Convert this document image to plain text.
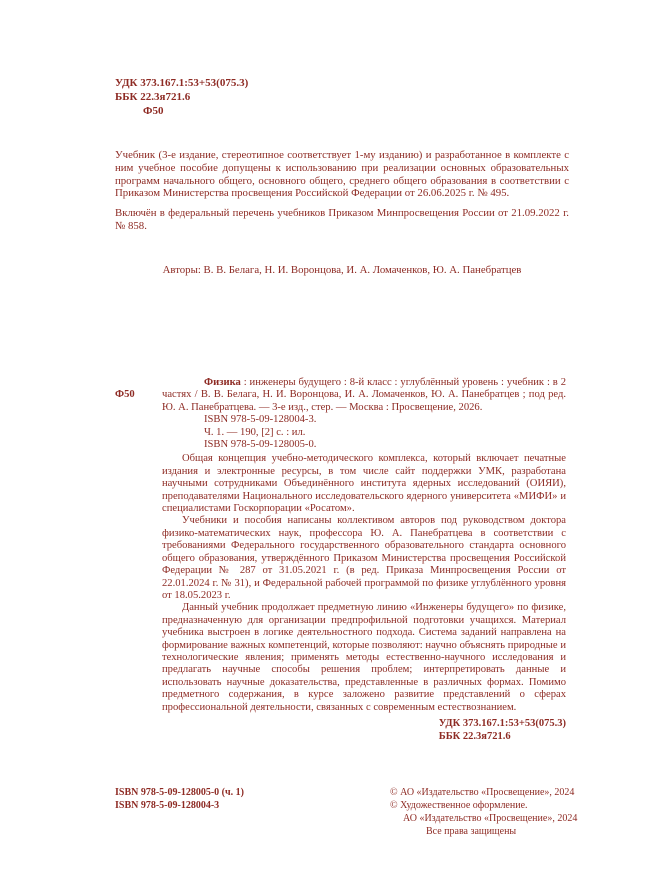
УДК 373.167.1:53+53(075.3)
ББК 22.3я721.6
Ф50

Учебник (3-е издание, стереотипное соответствует 1-му изданию) и разработанное в комплекте с ним учебное пособие допущены к использованию при реализации основных образовательных программ начального общего, основного общего, среднего общего образования в соответствии с Приказом Министерства просвещения Российской Федерации от 26.06.2025 г. № 495.

Включён в федеральный перечень учебников Приказом Минпросвещения России от 21.09.2022 г. № 858.

Авторы: В. В. Белага, Н. И. Воронцова, И. А. Ломаченков, Ю. А. Панебратцев
Ф50

Физика : инженеры будущего : 8-й класс : углублённый уровень : учебник : в 2 частях / В. В. Белага, Н. И. Воронцова, И. А. Ломаченков, Ю. А. Панебратцев ; под ред. Ю. А. Панебратцева. — 3-е изд., стер. — Москва : Просвещение, 2026.

ISBN 978-5-09-128004-3.

Ч. 1. — 190, [2] с. : ил.

ISBN 978-5-09-128005-0.

Общая концепция учебно-методического комплекса, который включает печатные издания и электронные ресурсы, в том числе сайт поддержки УМК, разработана научными сотрудниками Объединённого института ядерных исследований (ОИЯИ), преподавателями Национального исследовательского ядерного университета «МИФИ» и специалистами Госкорпорации «Росатом».

Учебники и пособия написаны коллективом авторов под руководством доктора физико-математических наук, профессора Ю. А. Панебратцева в соответствии с требованиями Федерального государственного образовательного стандарта основного общего образования, утверждённого Приказом Министерства просвещения Российской Федерации № 287 от 31.05.2021 г. (в ред. Приказа Минпросвещения России от 22.01.2024 г. № 31), и Федеральной рабочей программой по физике углублённого уровня от 18.05.2023 г.

Данный учебник продолжает предметную линию «Инженеры будущего» по физике, предназначенную для организации предпрофильной подготовки учащихся. Материал учебника выстроен в логике деятельностного подхода. Система заданий направлена на формирование важных компетенций, которые позволяют: научно объяснять природные и технологические явления; применять методы естественно-научного исследования и предлагать научные способы решения проблем; интерпретировать данные и использовать научные доказательства, представленные в различных формах. Помимо предметного содержания, в курсе заложено развитие представлений о сферах профессиональной деятельности, связанных с современным естествознанием.

УДК 373.167.1:53+53(075.3)
ББК 22.3я721.6
ISBN 978-5-09-128005-0 (ч. 1)
ISBN 978-5-09-128004-3
© АО «Издательство «Просвещение», 2024
© Художественное оформление.
АО «Издательство «Просвещение», 2024
Все права защищены
